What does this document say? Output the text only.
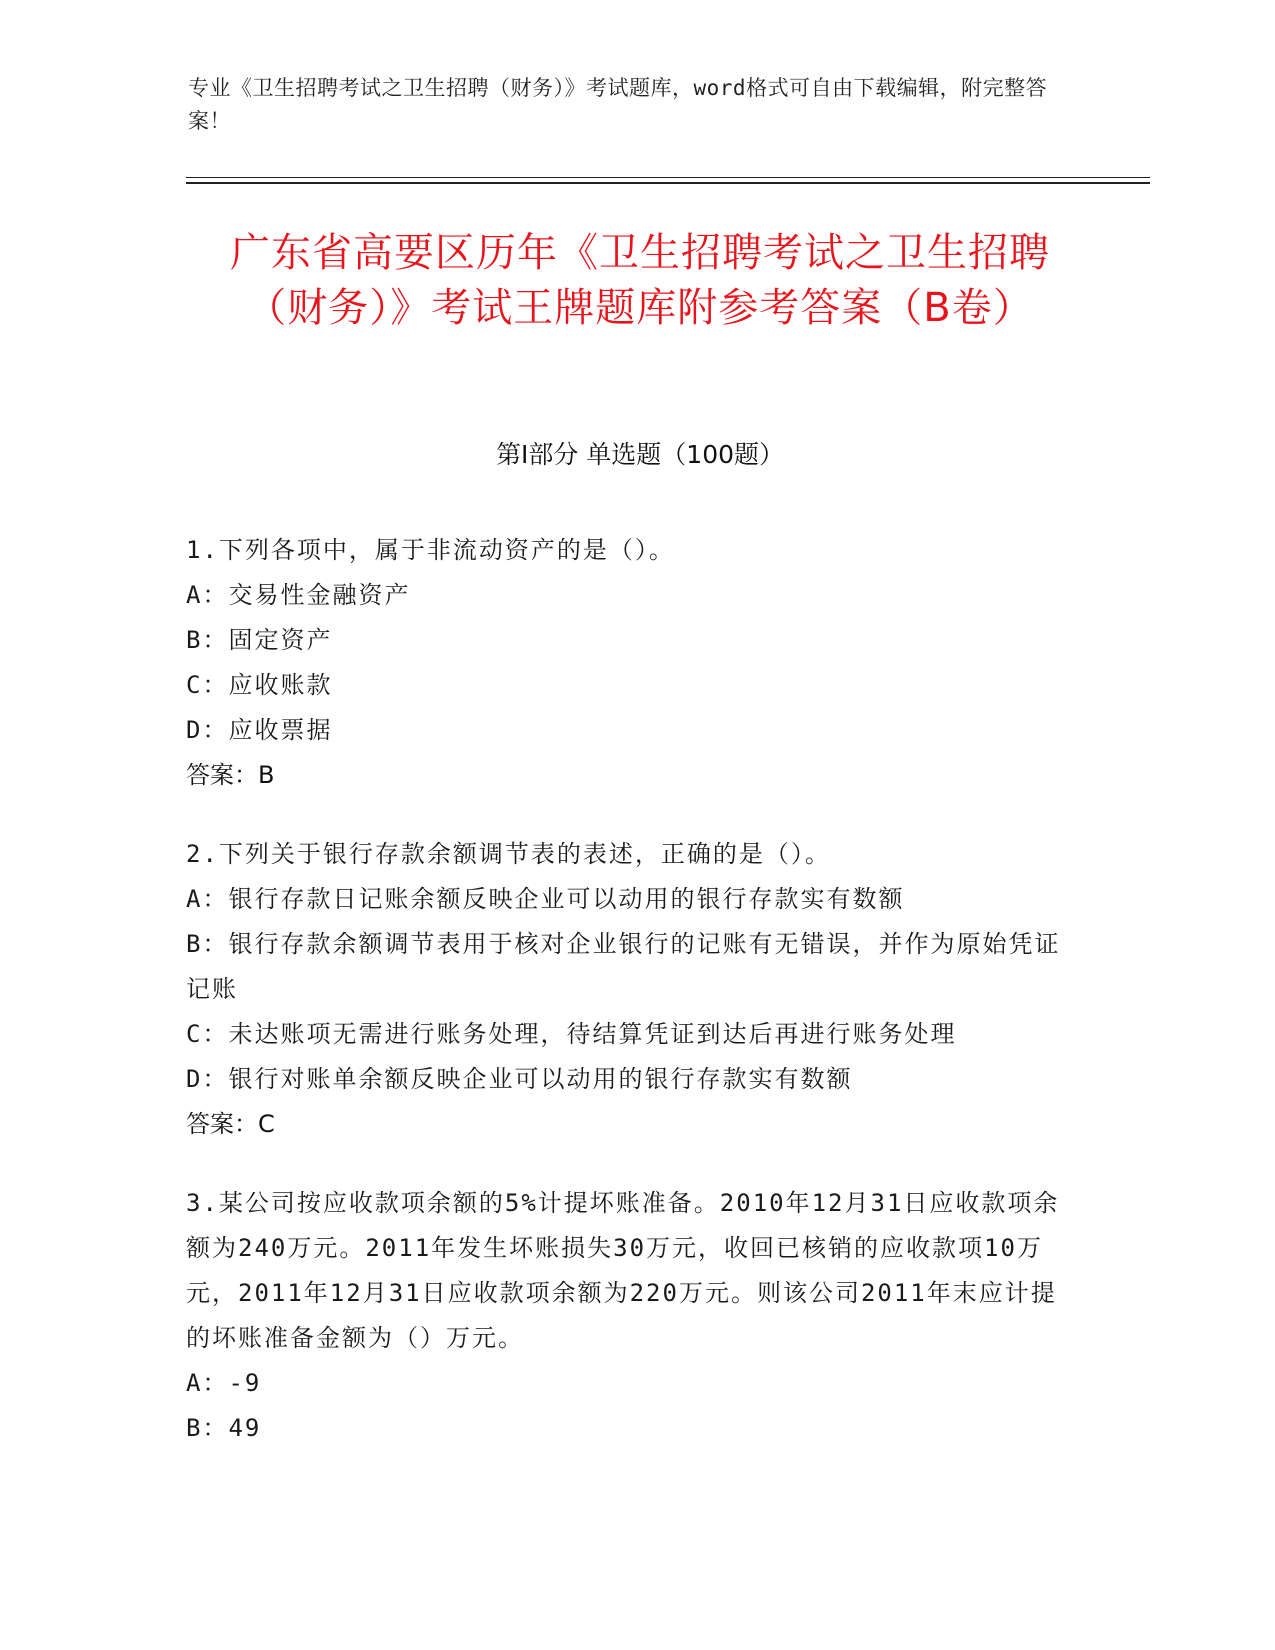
专业《卫生招聘考试之卫生招聘（财务）》考试题库，word格式可自由下载编辑，附完整答案！
广东省高要区历年《卫生招聘考试之卫生招聘（财务）》考试王牌题库附参考答案（B卷）
第Ⅰ部分 单选题（100题）
1.下列各项中，属于非流动资产的是（）。
A：交易性金融资产
B：固定资产
C：应收账款
D：应收票据
答案：B
2.下列关于银行存款余额调节表的表述，正确的是（）。
A：银行存款日记账余额反映企业可以动用的银行存款实有数额
B：银行存款余额调节表用于核对企业银行的记账有无错误，并作为原始凭证记账
C：未达账项无需进行账务处理，待结算凭证到达后再进行账务处理
D：银行对账单余额反映企业可以动用的银行存款实有数额
答案：C
3.某公司按应收款项余额的5%计提坏账准备。2010年12月31日应收款项余额为240万元。2011年发生坏账损失30万元，收回已核销的应收款项10万元，2011年12月31日应收款项余额为220万元。则该公司2011年末应计提的坏账准备金额为（）万元。
A：-9
B：49
